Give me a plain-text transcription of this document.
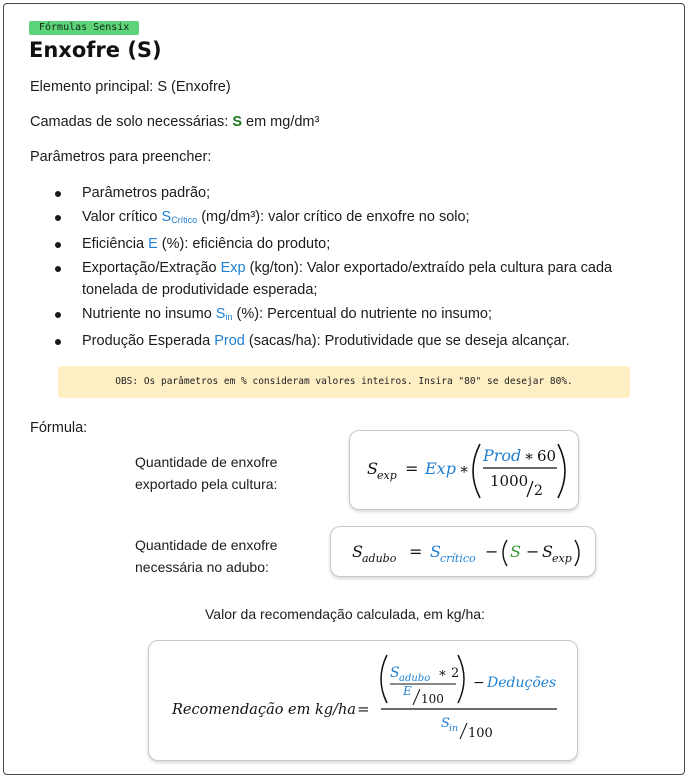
Fórmulas Sensix
Enxofre (S)
Elemento principal: S (Enxofre)
Camadas de solo necessárias: S em mg/dm³
Parâmetros para preencher:
Parâmetros padrão;
Valor crítico $S_{Crítico}$ (mg/dm³): valor crítico de enxofre no solo;
Eficiência E (%): eficiência do produto;
Exportação/Extração Exp (kg/ton): Valor exportado/extraído pela cultura para cada tonelada de produtividade esperada;
Nutriente no insumo $S_{in}$ (%): Percentual do nutriente no insumo;
Produção Esperada Prod (sacas/ha): Produtividade que se deseja alcançar.
OBS: Os parâmetros em % consideram valores inteiros. Insira "80" se desejar 80%.
Fórmula:
Quantidade de enxofre
exportado pela cultura:
S exp = Exp ∗
Prod ∗ 60
1000
2
Quantidade de enxofre
necessária no adubo:
S adubo = S crítico − S − S exp
Valor da recomendação calculada, em kg/ha:
Recomendação em kg/ha =
S adubo ∗ 2
E
100
− Deduções
S in 100
